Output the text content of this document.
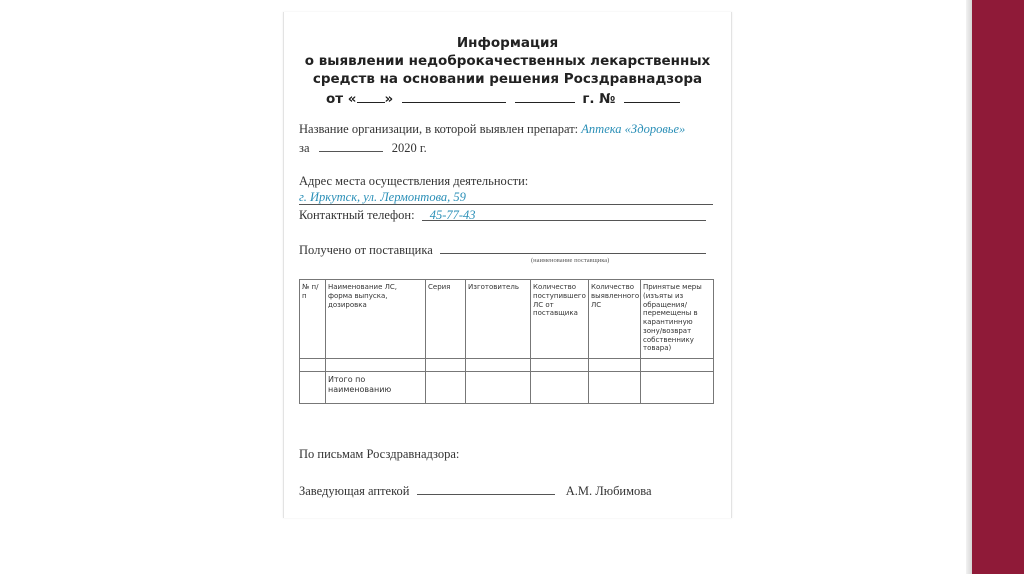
Информация
о выявлении недоброкачественных лекарственных
средств на основании решения Росздравнадзора
от « »	г. №
Название организации, в которой выявлен препарат: Аптека «Здоровье»
за	2020 г.
Адрес места осуществления деятельности:
г. Иркутск, ул. Лермонтова, 59
Контактный телефон: 45-77-43
Получено от поставщика
(наименование поставщика)
№ п/п	Наименование ЛС, форма выпуска, дозировка	Серия	Изготовитель	Количество поступившего ЛС от поставщика	Количество выявленного ЛС	Принятые меры (изъяты из обращения/перемещены в карантинную зону/возврат собственнику товара)

	Итого по наименованию					
По письмам Росздравнадзора:
Заведующая аптекой	А.М. Любимова
